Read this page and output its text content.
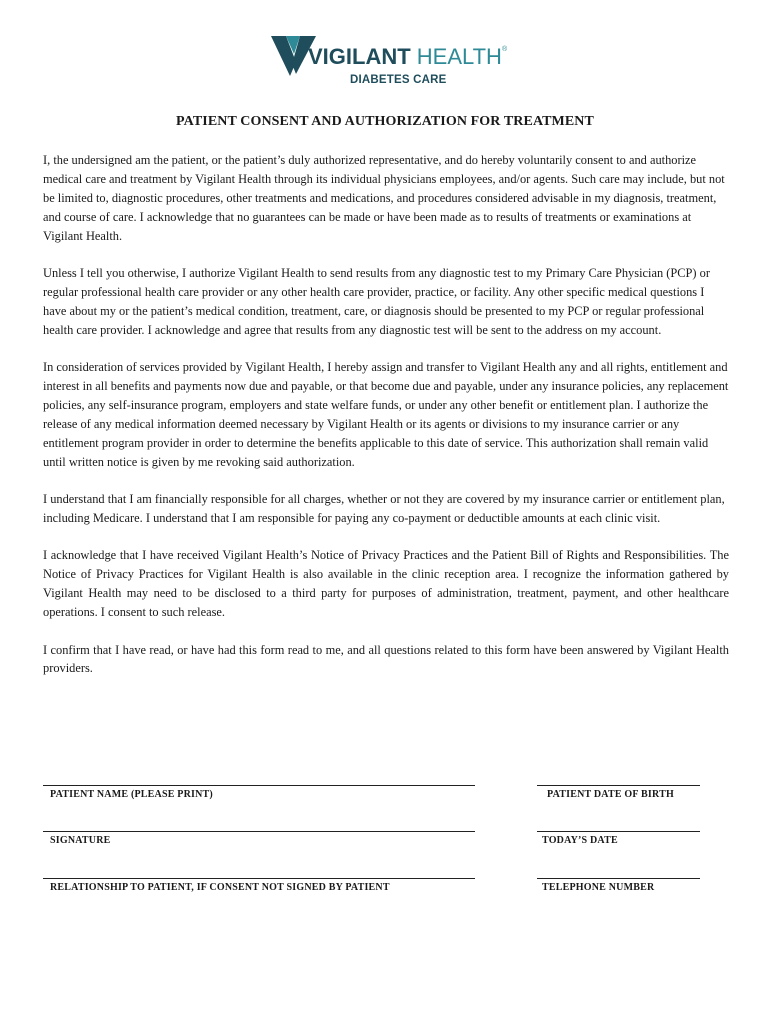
VIGILANT HEALTH®
DIABETES CARE
PATIENT CONSENT AND AUTHORIZATION FOR TREATMENT

I, the undersigned am the patient, or the patient’s duly authorized representative, and do hereby voluntarily consent to and authorize medical care and treatment by Vigilant Health through its individual physicians employees, and/or agents. Such care may include, but not be limited to, diagnostic procedures, other treatments and medications, and procedures considered advisable in my diagnosis, treatment, and course of care. I acknowledge that no guarantees can be made or have been made as to results of treatments or examinations at Vigilant Health.

Unless I tell you otherwise, I authorize Vigilant Health to send results from any diagnostic test to my Primary Care Physician (PCP) or regular professional health care provider or any other health care provider, practice, or facility. Any other specific medical questions I have about my or the patient’s medical condition, treatment, care, or diagnosis should be presented to my PCP or regular professional health care provider. I acknowledge and agree that results from any diagnostic test will be sent to the address on my account.

In consideration of services provided by Vigilant Health, I hereby assign and transfer to Vigilant Health any and all rights, entitlement and interest in all benefits and payments now due and payable, or that become due and payable, under any insurance policies, any replacement policies, any self-insurance program, employers and state welfare funds, or under any other benefit or entitlement plan. I authorize the release of any medical information deemed necessary by Vigilant Health or its agents or divisions to my insurance carrier or any entitlement program provider in order to determine the benefits applicable to this date of service. This authorization shall remain valid until written notice is given by me revoking said authorization.

I understand that I am financially responsible for all charges, whether or not they are covered by my insurance carrier or entitlement plan, including Medicare. I understand that I am responsible for paying any co-payment or deductible amounts at each clinic visit.

I acknowledge that I have received Vigilant Health’s Notice of Privacy Practices and the Patient Bill of Rights and Responsibilities. The Notice of Privacy Practices for Vigilant Health is also available in the clinic reception area. I recognize the information gathered by Vigilant Health may need to be disclosed to a third party for purposes of administration, treatment, payment, and other healthcare operations. I consent to such release.

I confirm that I have read, or have had this form read to me, and all questions related to this form have been answered by Vigilant Health providers.

PATIENT NAME (PLEASE PRINT)	PATIENT DATE OF BIRTH
SIGNATURE	TODAY’S DATE
RELATIONSHIP TO PATIENT, IF CONSENT NOT SIGNED BY PATIENT	TELEPHONE NUMBER
